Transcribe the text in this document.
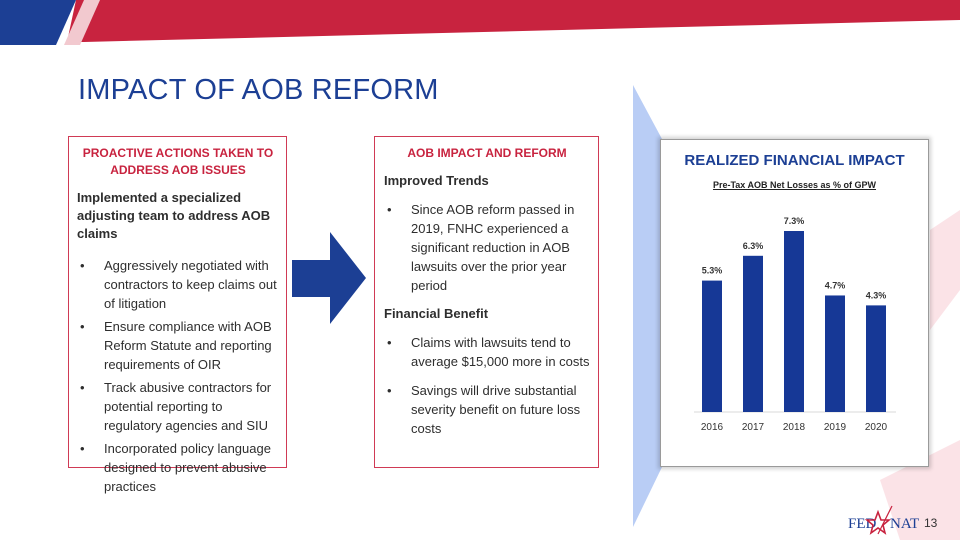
IMPACT OF AOB REFORM
PROACTIVE ACTIONS TAKEN TO ADDRESS AOB ISSUES
Implemented a specialized adjusting team to address AOB claims
• Aggressively negotiated with contractors to keep claims out of litigation
• Ensure compliance with AOB Reform Statute and reporting requirements of OIR
• Track abusive contractors for potential reporting to regulatory agencies and SIU
• Incorporated policy language designed to prevent abusive practices
AOB IMPACT AND REFORM
Improved Trends
• Since AOB reform passed in 2019, FNHC experienced a significant reduction in AOB lawsuits over the prior year period
Financial Benefit
• Claims with lawsuits tend to average $15,000 more in costs
• Savings will drive substantial severity benefit on future loss costs
REALIZED FINANCIAL IMPACT
Pre-Tax AOB Net Losses as % of GPW
5.3%
2016
6.3%
2017
7.3%
2018
4.7%
2019
4.3%
2020
FED NAT 13
